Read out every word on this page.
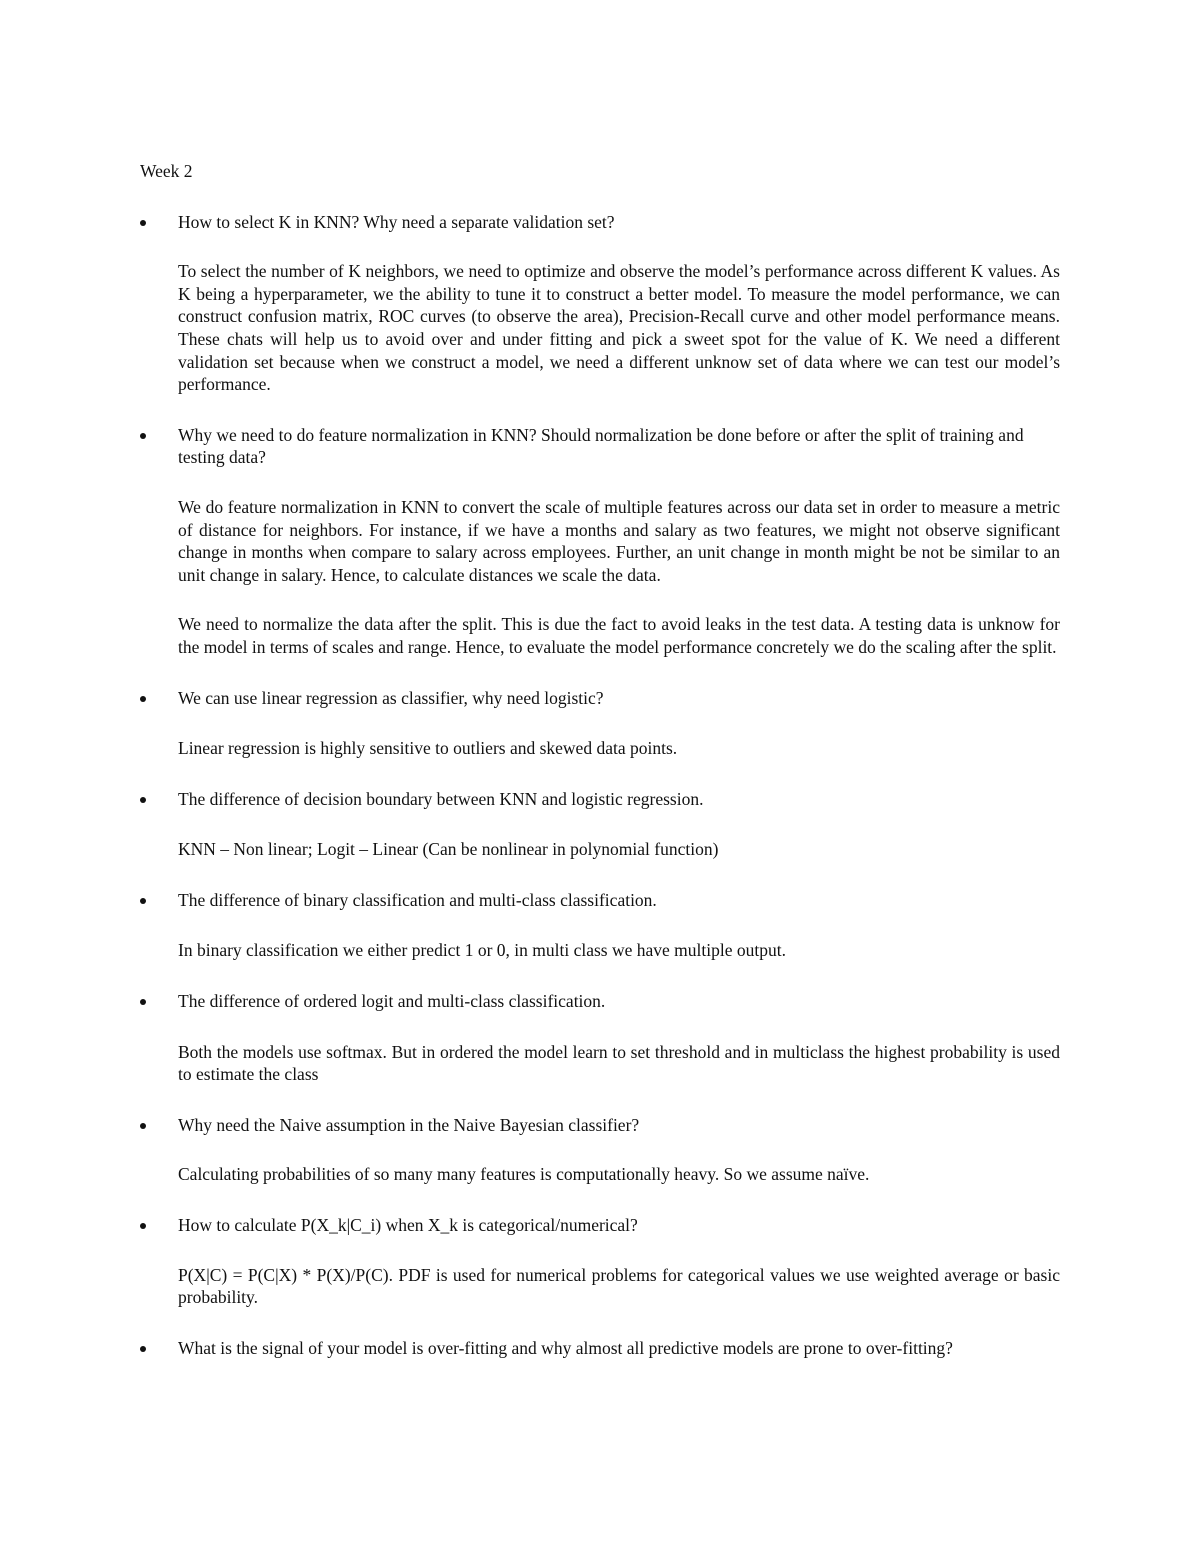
Week 2

How to select K in KNN? Why need a separate validation set?

To select the number of K neighbors, we need to optimize and observe the model’s performance across different K values. As K being a hyperparameter, we the ability to tune it to construct a better model. To measure the model performance, we can construct confusion matrix, ROC curves (to observe the area), Precision-Recall curve and other model performance means. These chats will help us to avoid over and under fitting and pick a sweet spot for the value of K. We need a different validation set because when we construct a model, we need a different unknow set of data where we can test our model’s performance.

Why we need to do feature normalization in KNN? Should normalization be done before or after the split of training and testing data?

We do feature normalization in KNN to convert the scale of multiple features across our data set in order to measure a metric of distance for neighbors. For instance, if we have a months and salary as two features, we might not observe significant change in months when compare to salary across employees. Further, an unit change in month might be not be similar to an unit change in salary. Hence, to calculate distances we scale the data.

We need to normalize the data after the split. This is due the fact to avoid leaks in the test data. A testing data is unknow for the model in terms of scales and range. Hence, to evaluate the model performance concretely we do the scaling after the split.

We can use linear regression as classifier, why need logistic?

Linear regression is highly sensitive to outliers and skewed data points.

The difference of decision boundary between KNN and logistic regression.

KNN – Non linear; Logit – Linear (Can be nonlinear in polynomial function)

The difference of binary classification and multi-class classification.

In binary classification we either predict 1 or 0, in multi class we have multiple output.

The difference of ordered logit and multi-class classification.

Both the models use softmax. But in ordered the model learn to set threshold and in multiclass the highest probability is used to estimate the class

Why need the Naive assumption in the Naive Bayesian classifier?

Calculating probabilities of so many many features is computationally heavy. So we assume naïve.

How to calculate P(X_k|C_i) when X_k is categorical/numerical?

P(X|C) = P(C|X) * P(X)/P(C). PDF is used for numerical problems for categorical values we use weighted average or basic probability.

What is the signal of your model is over-fitting and why almost all predictive models are prone to over-fitting?
